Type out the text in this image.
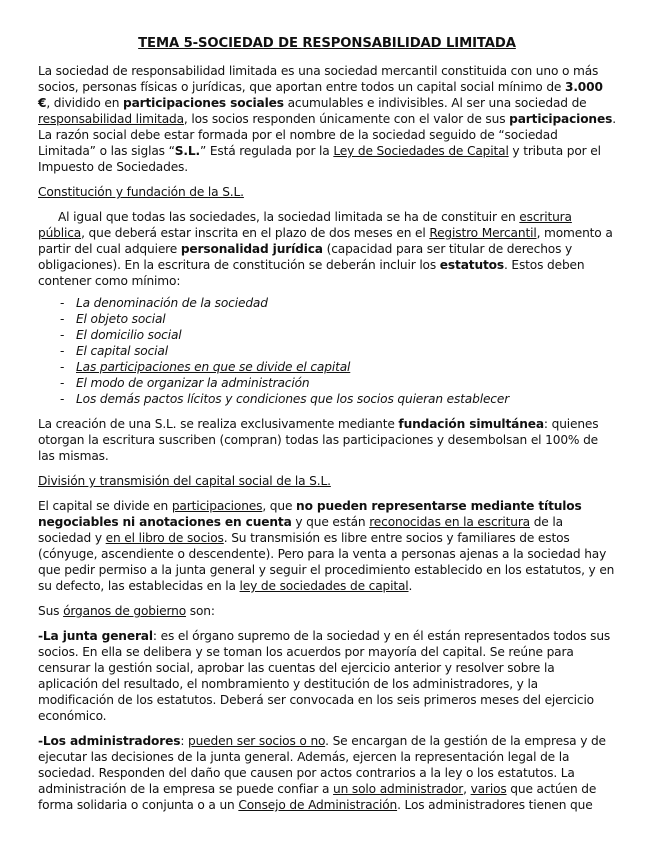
TEMA 5-SOCIEDAD DE RESPONSABILIDAD LIMITADA

La sociedad de responsabilidad limitada es una sociedad mercantil constituida con uno o más socios, personas físicas o jurídicas, que aportan entre todos un capital social mínimo de 3.000 €, dividido en participaciones sociales acumulables e indivisibles. Al ser una sociedad de responsabilidad limitada, los socios responden únicamente con el valor de sus participaciones. La razón social debe estar formada por el nombre de la sociedad seguido de “sociedad Limitada” o las siglas “S.L.” Está regulada por la Ley de Sociedades de Capital y tributa por el Impuesto de Sociedades.

Constitución y fundación de la S.L.

Al igual que todas las sociedades, la sociedad limitada se ha de constituir en escritura pública, que deberá estar inscrita en el plazo de dos meses en el Registro Mercantil, momento a partir del cual adquiere personalidad jurídica (capacidad para ser titular de derechos y obligaciones). En la escritura de constitución se deberán incluir los estatutos. Estos deben contener como mínimo:

- La denominación de la sociedad
- El objeto social
- El domicilio social
- El capital social
- Las participaciones en que se divide el capital
- El modo de organizar la administración
- Los demás pactos lícitos y condiciones que los socios quieran establecer

La creación de una S.L. se realiza exclusivamente mediante fundación simultánea: quienes otorgan la escritura suscriben (compran) todas las participaciones y desembolsan el 100% de las mismas.

División y transmisión del capital social de la S.L.

El capital se divide en participaciones, que no pueden representarse mediante títulos negociables ni anotaciones en cuenta y que están reconocidas en la escritura de la sociedad y en el libro de socios. Su transmisión es libre entre socios y familiares de estos (cónyuge, ascendiente o descendente). Pero para la venta a personas ajenas a la sociedad hay que pedir permiso a la junta general y seguir el procedimiento establecido en los estatutos, y en su defecto, las establecidas en la ley de sociedades de capital.

Sus órganos de gobierno son:

-La junta general: es el órgano supremo de la sociedad y en él están representados todos sus socios. En ella se delibera y se toman los acuerdos por mayoría del capital. Se reúne para censurar la gestión social, aprobar las cuentas del ejercicio anterior y resolver sobre la aplicación del resultado, el nombramiento y destitución de los administradores, y la modificación de los estatutos. Deberá ser convocada en los seis primeros meses del ejercicio económico.

-Los administradores: pueden ser socios o no. Se encargan de la gestión de la empresa y de ejecutar las decisiones de la junta general. Además, ejercen la representación legal de la sociedad. Responden del daño que causen por actos contrarios a la ley o los estatutos. La administración de la empresa se puede confiar a un solo administrador, varios que actúen de forma solidaria o conjunta o a un Consejo de Administración. Los administradores tienen que
